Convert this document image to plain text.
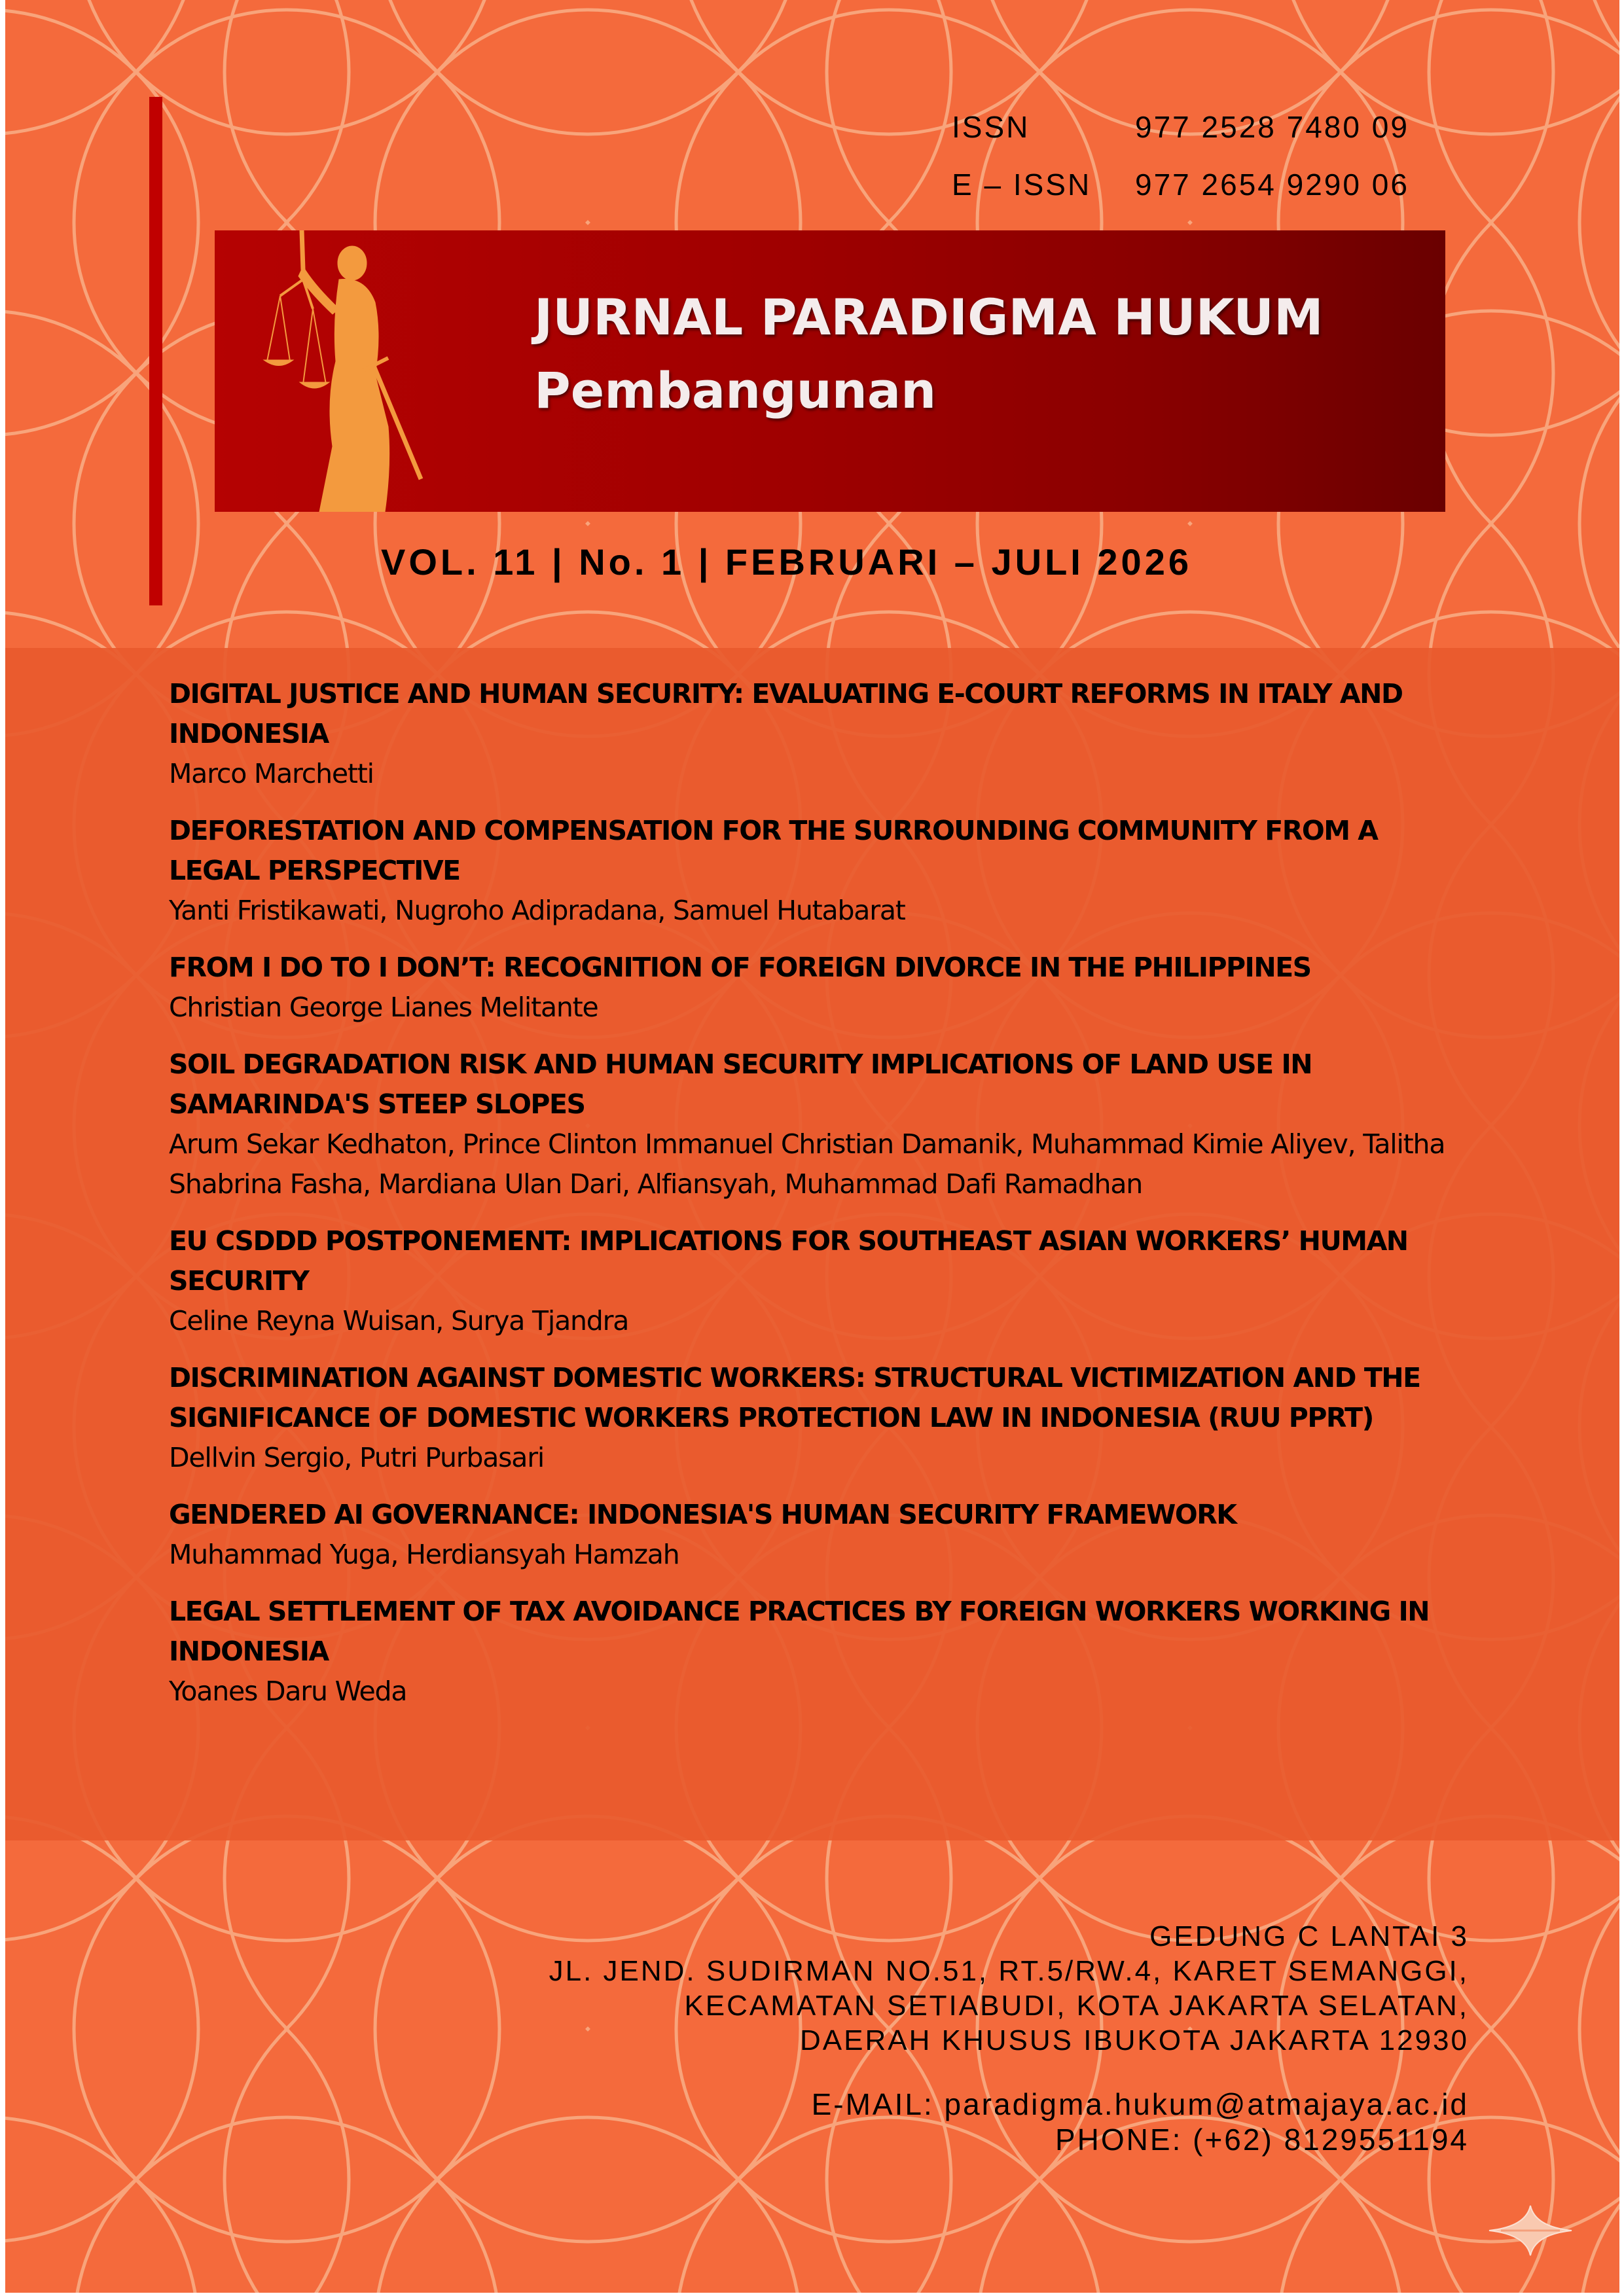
ISSN	977 2528 7480 09
E – ISSN	977 2654 9290 06
JURNAL PARADIGMA HUKUM
Pembangunan
VOL. 11 | No. 1 | FEBRUARI – JULI 2026
DIGITAL JUSTICE AND HUMAN SECURITY: EVALUATING E-COURT REFORMS IN ITALY AND INDONESIA
Marco Marchetti
DEFORESTATION AND COMPENSATION FOR THE SURROUNDING COMMUNITY FROM A LEGAL PERSPECTIVE
Yanti Fristikawati, Nugroho Adipradana, Samuel Hutabarat
FROM I DO TO I DON’T: RECOGNITION OF FOREIGN DIVORCE IN THE PHILIPPINES
Christian George Lianes Melitante
SOIL DEGRADATION RISK AND HUMAN SECURITY IMPLICATIONS OF LAND USE IN SAMARINDA'S STEEP SLOPES
Arum Sekar Kedhaton, Prince Clinton Immanuel Christian Damanik, Muhammad Kimie Aliyev, Talitha Shabrina Fasha, Mardiana Ulan Dari, Alfiansyah, Muhammad Dafi Ramadhan
EU CSDDD POSTPONEMENT: IMPLICATIONS FOR SOUTHEAST ASIAN WORKERS’ HUMAN SECURITY
Celine Reyna Wuisan, Surya Tjandra
DISCRIMINATION AGAINST DOMESTIC WORKERS: STRUCTURAL VICTIMIZATION AND THE SIGNIFICANCE OF DOMESTIC WORKERS PROTECTION LAW IN INDONESIA (RUU PPRT)
Dellvin Sergio, Putri Purbasari
GENDERED AI GOVERNANCE: INDONESIA'S HUMAN SECURITY FRAMEWORK
Muhammad Yuga, Herdiansyah Hamzah
LEGAL SETTLEMENT OF TAX AVOIDANCE PRACTICES BY FOREIGN WORKERS WORKING IN INDONESIA
Yoanes Daru Weda
GEDUNG C LANTAI 3
JL. JEND. SUDIRMAN NO.51, RT.5/RW.4, KARET SEMANGGI,
KECAMATAN SETIABUDI, KOTA JAKARTA SELATAN,
DAERAH KHUSUS IBUKOTA JAKARTA 12930
E-MAIL: paradigma.hukum@atmajaya.ac.id
PHONE: (+62) 8129551194
